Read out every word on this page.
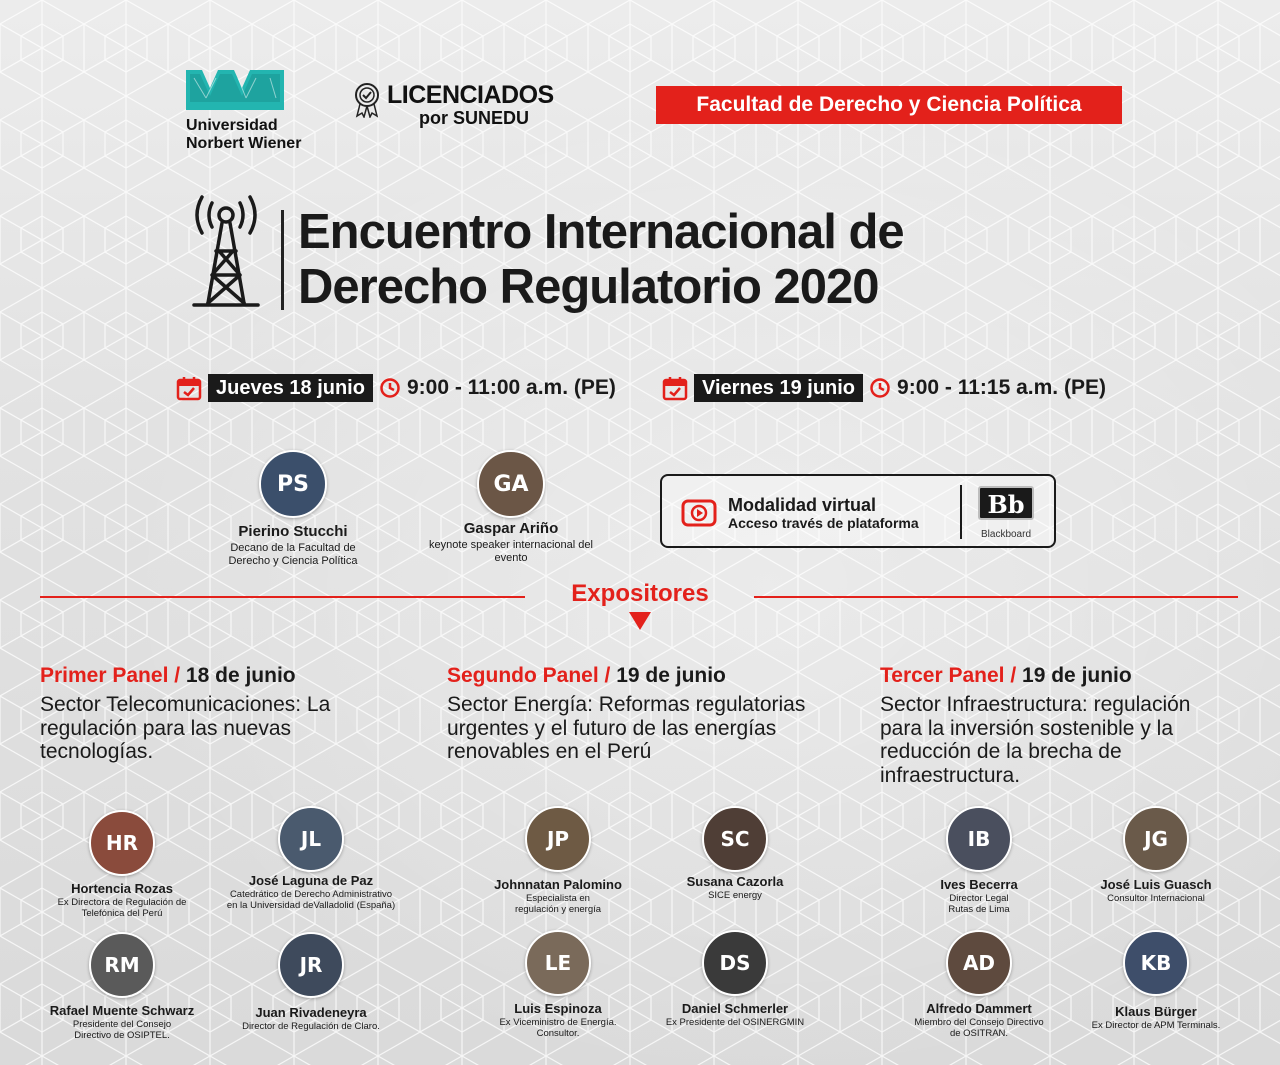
Universidad Norbert Wiener
LICENCIADOS
por SUNEDU
Facultad de Derecho y Ciencia Política
Encuentro Internacional de
Derecho Regulatorio 2020
Jueves 18 junio	9:00 - 11:00 a.m. (PE)	Viernes 19 junio	9:00 - 11:15 a.m. (PE)
PS
Pierino Stucchi
Decano de la Facultad de Derecho y Ciencia Política
GA
Gaspar Ariño
keynote speaker internacional del evento
Modalidad virtual
Acceso través de plataforma
Bb
Blackboard
Expositores
Primer Panel / 18 de junio
Sector Telecomunicaciones: La regulación para las nuevas tecnologías.
Segundo Panel / 19 de junio
Sector Energía: Reformas regulatorias urgentes y el futuro de las energías renovables en el Perú
Tercer Panel / 19 de junio
Sector Infraestructura: regulación para la inversión sostenible y la reducción de la brecha de infraestructura.
HR
Hortencia Rozas
Ex Directora de Regulación de Telefónica del Perú
JL
José Laguna de Paz
Catedrático de Derecho Administrativo en la Universidad deValladolid (España)
RM
Rafael Muente Schwarz
Presidente del Consejo Directivo de OSIPTEL.
JR
Juan Rivadeneyra
Director de Regulación de Claro.
JP
Johnnatan Palomino
Especialista en regulación y energía
SC
Susana Cazorla
SICE energy
LE
Luis Espinoza
Ex Viceministro de Energía. Consultor.
DS
Daniel Schmerler
Ex Presidente del OSINERGMIN
IB
Ives Becerra
Director Legal Rutas de Lima
JG
José Luis Guasch
Consultor Internacional
AD
Alfredo Dammert
Miembro del Consejo Directivo de OSITRAN.
KB
Klaus Bürger
Ex Director de APM Terminals.
